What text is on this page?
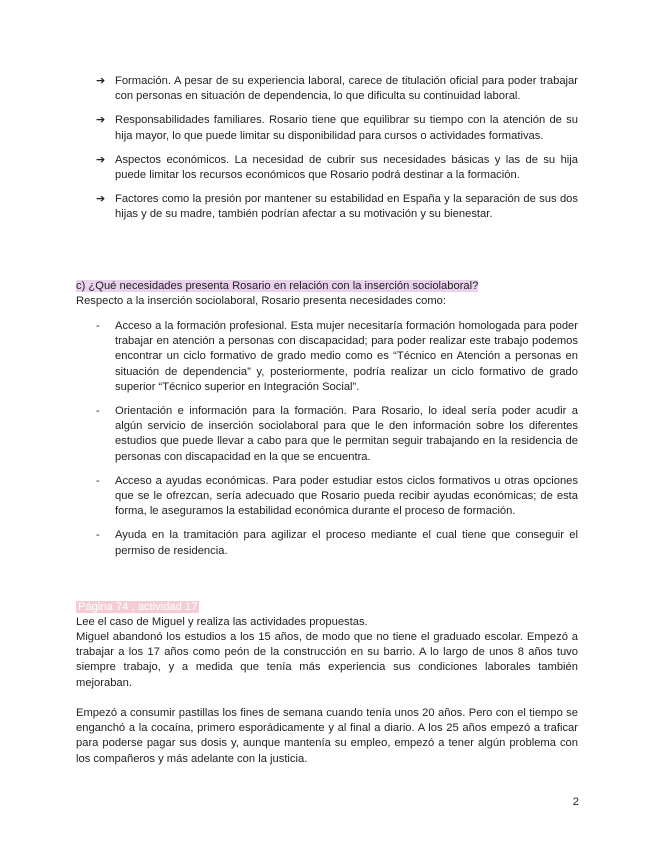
➔ Formación. A pesar de su experiencia laboral, carece de titulación oficial para poder trabajar con personas en situación de dependencia, lo que dificulta su continuidad laboral.

➔ Responsabilidades familiares. Rosario tiene que equilibrar su tiempo con la atención de su hija mayor, lo que puede limitar su disponibilidad para cursos o actividades formativas.

➔ Aspectos económicos. La necesidad de cubrir sus necesidades básicas y las de su hija puede limitar los recursos económicos que Rosario podrá destinar a la formación.

➔ Factores como la presión por mantener su estabilidad en España y la separación de sus dos hijas y de su madre, también podrían afectar a su motivación y su bienestar.

c) ¿Qué necesidades presenta Rosario en relación con la inserción sociolaboral?

Respecto a la inserción sociolaboral, Rosario presenta necesidades como:

- Acceso a la formación profesional. Esta mujer necesitaría formación homologada para poder trabajar en atención a personas con discapacidad; para poder realizar este trabajo podemos encontrar un ciclo formativo de grado medio como es “Técnico en Atención a personas en situación de dependencia” y, posteriormente, podría realizar un ciclo formativo de grado superior “Técnico superior en Integración Social”.

- Orientación e información para la formación. Para Rosario, lo ideal sería poder acudir a algún servicio de inserción sociolaboral para que le den información sobre los diferentes estudios que puede llevar a cabo para que le permitan seguir trabajando en la residencia de personas con discapacidad en la que se encuentra.

- Acceso a ayudas económicas. Para poder estudiar estos ciclos formativos u otras opciones que se le ofrezcan, sería adecuado que Rosario pueda recibir ayudas económicas; de esta forma, le aseguramos la estabilidad económica durante el proceso de formación.

- Ayuda en la tramitación para agilizar el proceso mediante el cual tiene que conseguir el permiso de residencia.

Página 74 , actividad 17

Lee el caso de Miguel y realiza las actividades propuestas.

Miguel abandonó los estudios a los 15 años, de modo que no tiene el graduado escolar. Empezó a trabajar a los 17 años como peón de la construcción en su barrio. A lo largo de unos 8 años tuvo siempre trabajo, y a medida que tenía más experiencia sus condiciones laborales también mejoraban.

Empezó a consumir pastillas los fines de semana cuando tenía unos 20 años. Pero con el tiempo se enganchó a la cocaína, primero esporádicamente y al final a diario. A los 25 años empezó a traficar para poderse pagar sus dosis y, aunque mantenía su empleo, empezó a tener algún problema con los compañeros y más adelante con la justicia.

2
